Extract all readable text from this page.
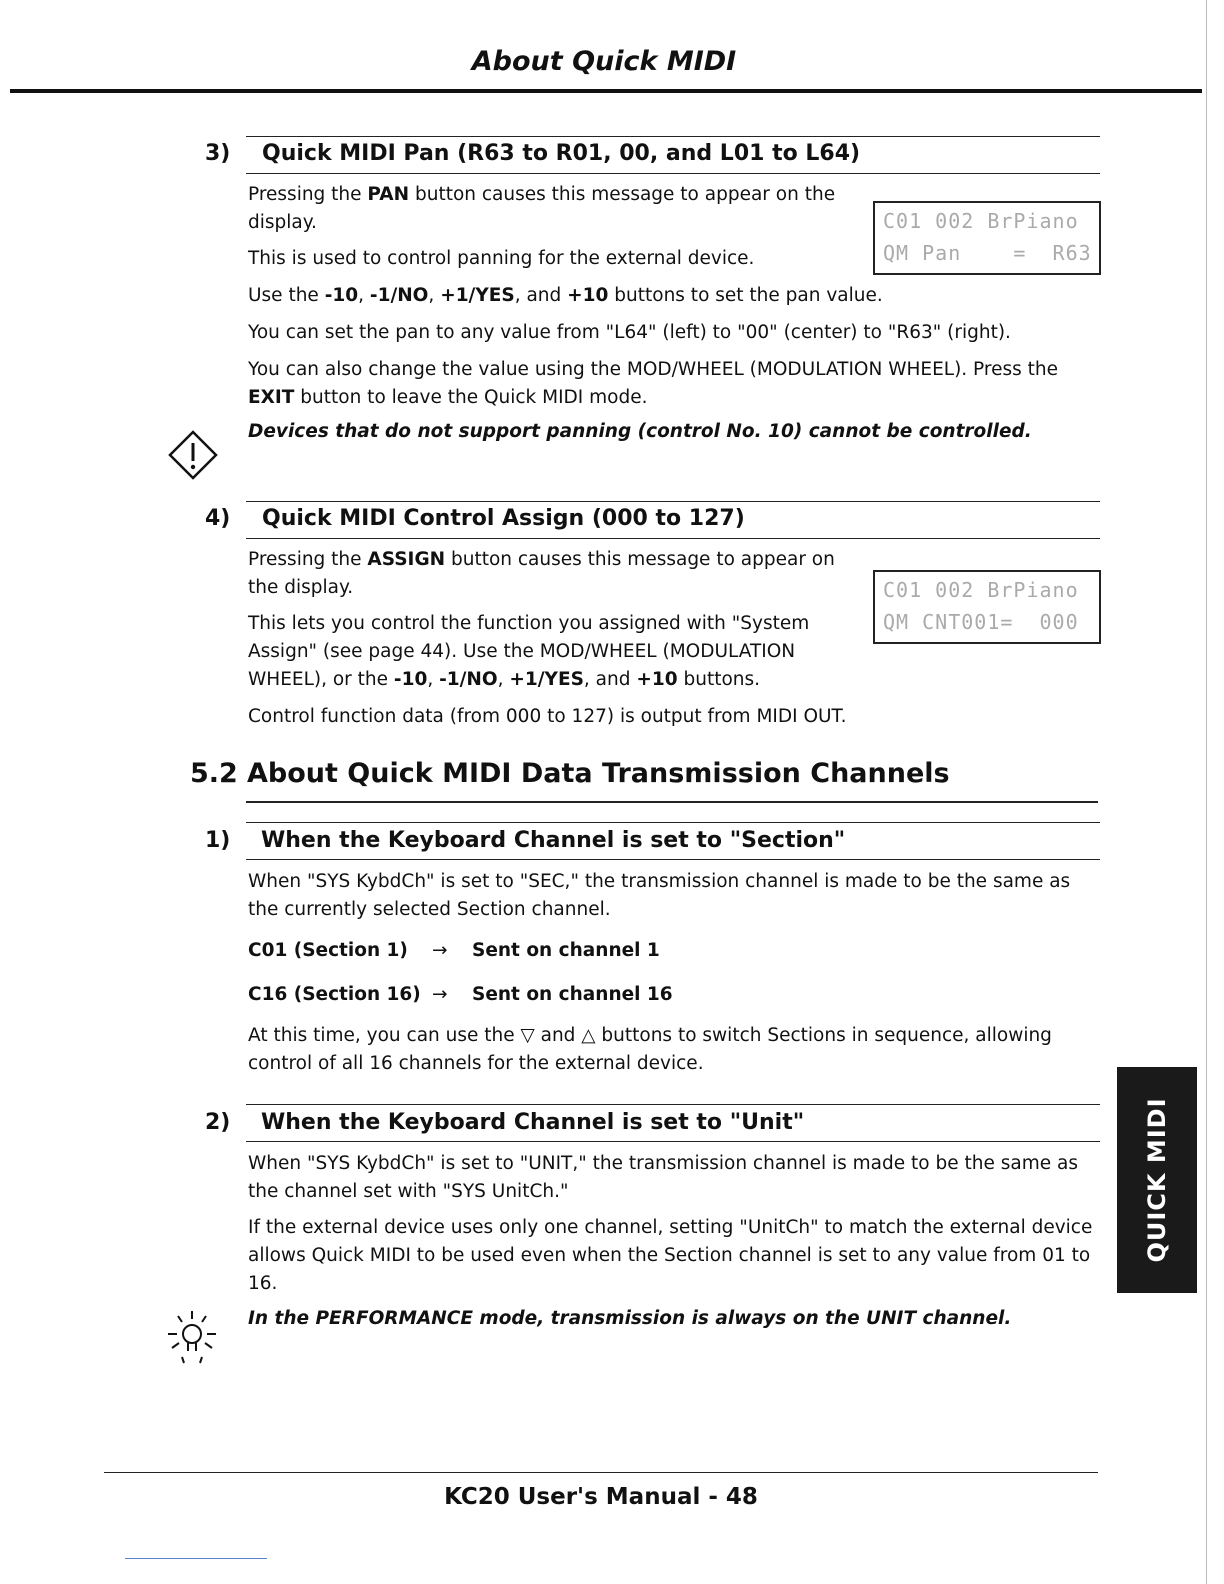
About Quick MIDI
3) Quick MIDI Pan (R63 to R01, 00, and L01 to L64)
Pressing the PAN button causes this message to appear on the display.
This is used to control panning for the external device.
Use the -10, -1/NO, +1/YES, and +10 buttons to set the pan value.
You can set the pan to any value from "L64" (left) to "00" (center) to "R63" (right).
You can also change the value using the MOD/WHEEL (MODULATION WHEEL). Press the EXIT button to leave the Quick MIDI mode.
C01 002 BrPiano
QM Pan    =  R63
Devices that do not support panning (control No. 10) cannot be controlled.
4) Quick MIDI Control Assign (000 to 127)
Pressing the ASSIGN button causes this message to appear on the display.
This lets you control the function you assigned with "System Assign" (see page 44). Use the MOD/WHEEL (MODULATION WHEEL), or the -10, -1/NO, +1/YES, and +10 buttons.
Control function data (from 000 to 127) is output from MIDI OUT.
C01 002 BrPiano
QM CNT001=  000
5.2 About Quick MIDI Data Transmission Channels
1) When the Keyboard Channel is set to "Section"
When "SYS KybdCh" is set to "SEC," the transmission channel is made to be the same as the currently selected Section channel.
C01 (Section 1) → Sent on channel 1
C16 (Section 16) → Sent on channel 16
At this time, you can use the ▽ and △ buttons to switch Sections in sequence, allowing control of all 16 channels for the external device.
2) When the Keyboard Channel is set to "Unit"
When "SYS KybdCh" is set to "UNIT," the transmission channel is made to be the same as the channel set with "SYS UnitCh."
If the external device uses only one channel, setting "UnitCh" to match the external device allows Quick MIDI to be used even when the Section channel is set to any value from 01 to 16.
In the PERFORMANCE mode, transmission is always on the UNIT channel.
QUICK MIDI
KC20 User's Manual - 48
